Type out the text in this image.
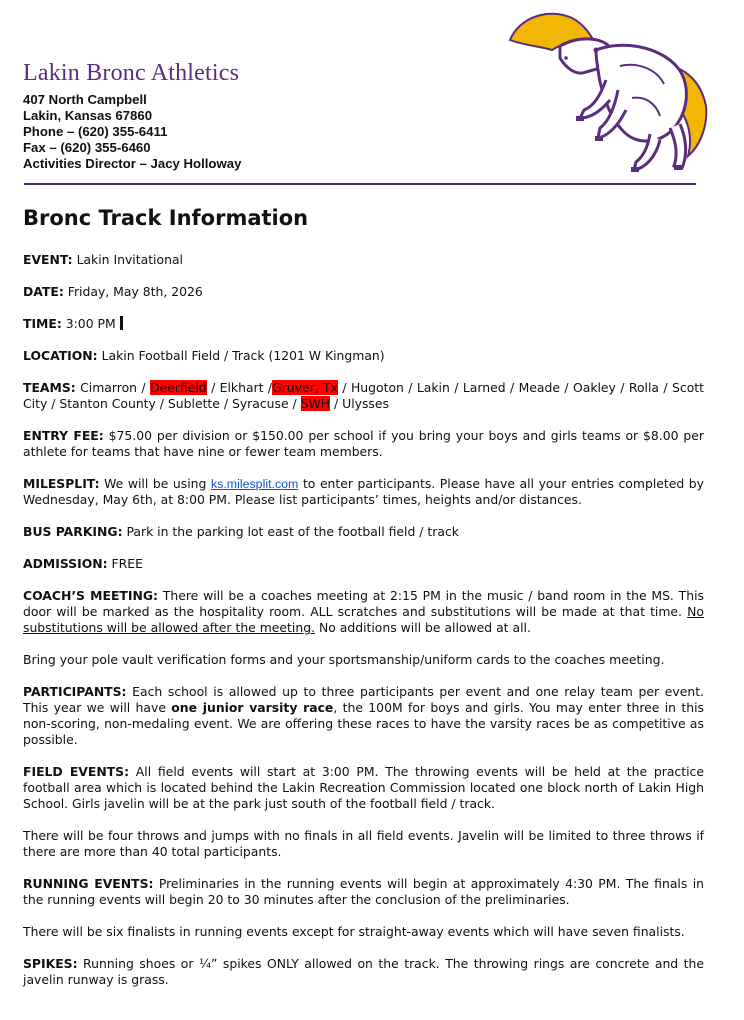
Lakin Bronc Athletics
407 North Campbell
Lakin, Kansas 67860
Phone – (620) 355-6411
Fax – (620) 355-6460
Activities Director – Jacy Holloway
Bronc Track Information

EVENT: Lakin Invitational

DATE: Friday, May 8th, 2026

TIME: 3:00 PM

LOCATION: Lakin Football Field / Track (1201 W Kingman)

TEAMS: Cimarron / Deerfield / Elkhart /Gruver, Tx / Hugoton / Lakin / Larned / Meade / Oakley / Rolla / Scott City / Stanton County / Sublette / Syracuse / SWH / Ulysses

ENTRY FEE: $75.00 per division or $150.00 per school if you bring your boys and girls teams or $8.00 per athlete for teams that have nine or fewer team members.

MILESPLIT: We will be using ks.milesplit.com to enter participants. Please have all your entries completed by Wednesday, May 6th, at 8:00 PM. Please list participants’ times, heights and/or distances.

BUS PARKING: Park in the parking lot east of the football field / track

ADMISSION: FREE

COACH’S MEETING: There will be a coaches meeting at 2:15 PM in the music / band room in the MS. This door will be marked as the hospitality room. ALL scratches and substitutions will be made at that time. No substitutions will be allowed after the meeting. No additions will be allowed at all.

Bring your pole vault verification forms and your sportsmanship/uniform cards to the coaches meeting.

PARTICIPANTS: Each school is allowed up to three participants per event and one relay team per event. This year we will have one junior varsity race, the 100M for boys and girls. You may enter three in this non-scoring, non-medaling event. We are offering these races to have the varsity races be as competitive as possible.

FIELD EVENTS: All field events will start at 3:00 PM. The throwing events will be held at the practice football area which is located behind the Lakin Recreation Commission located one block north of Lakin High School. Girls javelin will be at the park just south of the football field / track.

There will be four throws and jumps with no finals in all field events. Javelin will be limited to three throws if there are more than 40 total participants.

RUNNING EVENTS: Preliminaries in the running events will begin at approximately 4:30 PM. The finals in the running events will begin 20 to 30 minutes after the conclusion of the preliminaries.

There will be six finalists in running events except for straight-away events which will have seven finalists.

SPIKES: Running shoes or ¼” spikes ONLY allowed on the track. The throwing rings are concrete and the javelin runway is grass.
